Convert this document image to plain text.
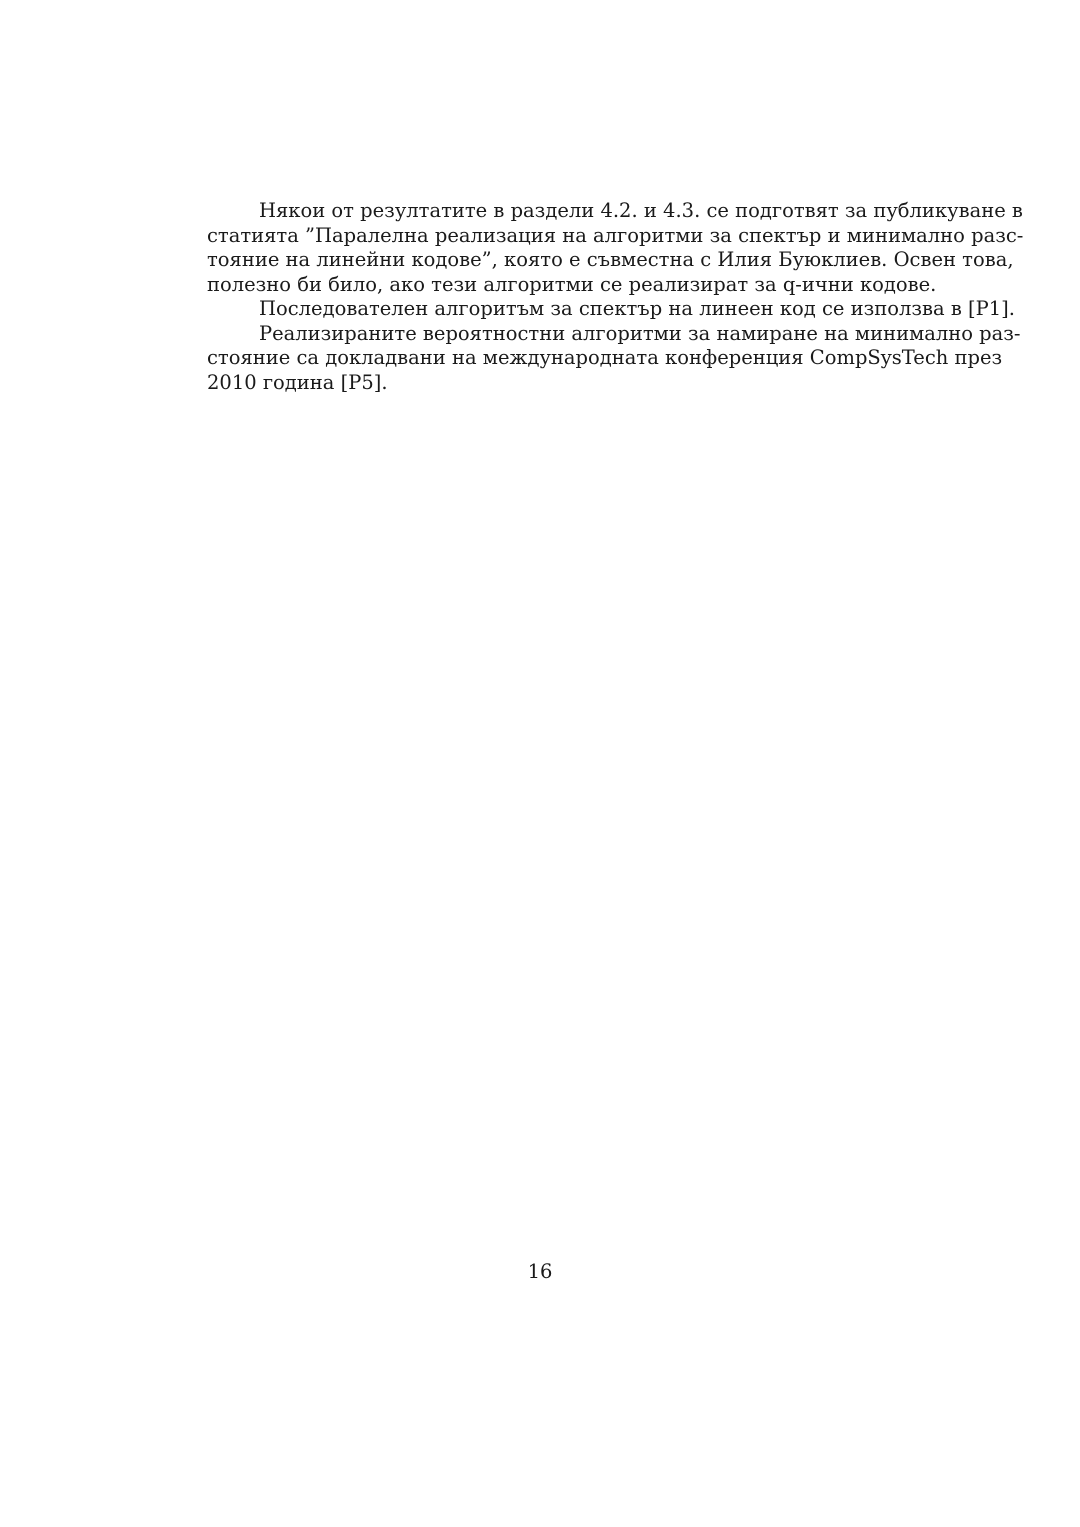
Някои от резултатите в раздели 4.2. и 4.3. се подготвят за публикуване в
статията ”Паралелна реализация на алгоритми за спектър и минимално разс-
тояние на линейни кодове”, която е съвместна с Илия Буюклиев. Освен това,
полезно би било, ако тези алгоритми се реализират за q-ични кодове.

Последователен алгоритъм за спектър на линеен код се използва в [P1].

Реализираните вероятностни алгоритми за намиране на минимално раз-
стояние са докладвани на международната конференция CompSysTech през
2010 година [P5].

16
